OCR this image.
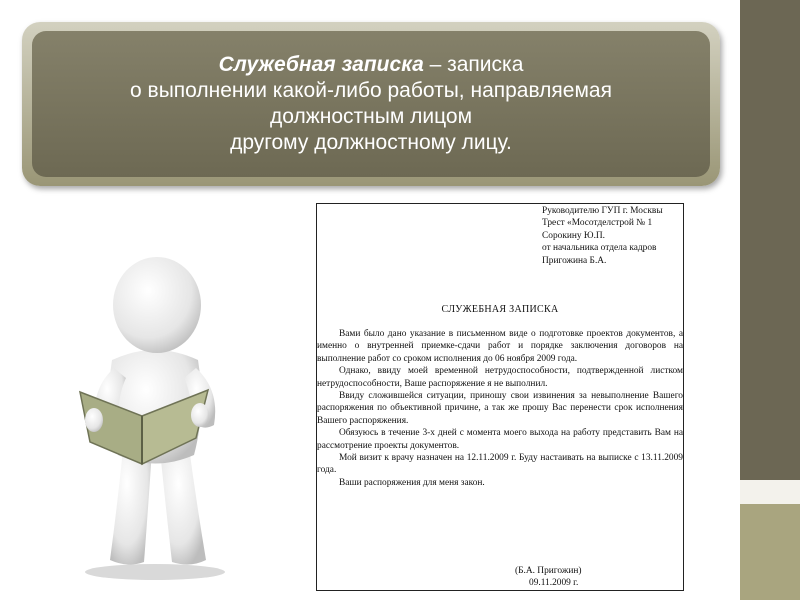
Служебная записка – записка
о выполнении какой-либо работы, направляемая
должностным лицом
другому должностному лицу.
Руководителю ГУП г. Москвы
Трест «Мосотделстрой № 1
Сорокину Ю.П.
от начальника отдела кадров
Пригожина Б.А.
СЛУЖЕБНАЯ ЗАПИСКА

Вами было дано указание в письменном виде о подготовке проектов документов, а именно о внутренней приемке-сдачи работ и порядке заключения договоров на выполнение работ со сроком исполнения до 06 ноября 2009 года.

Однако, ввиду моей временной нетрудоспособности, подтвержденной листком нетрудоспособности, Ваше распоряжение я не выполнил.

Ввиду сложившейся ситуации, приношу свои извинения за невыполнение Вашего распоряжения по объективной причине, а так же прошу Вас перенести срок исполнения Вашего распоряжения.

Обязуюсь в течение 3-х дней с момента моего выхода на работу представить Вам на рассмотрение проекты документов.

Мой визит к врачу назначен на 12.11.2009 г. Буду настаивать на выписке с 13.11.2009 года.

Ваши распоряжения для меня закон.

(Б.А. Пригожин)
09.11.2009 г.
